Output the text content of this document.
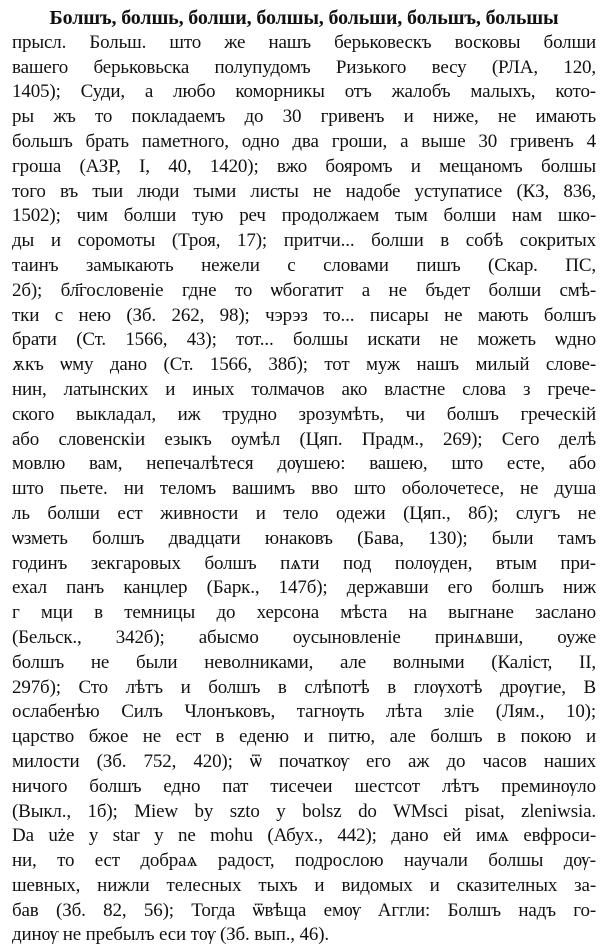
Болшъ, болшь, болши, болшы, больши, большъ, большы
прысл. Больш. што же нашъ берьковескъ восковы болши
вашего берьковьска полупудомъ Ризького весу (РЛА, 120,
1405); Суди, а любо коморникы отъ жалобъ малыхъ, кото-
ры жъ то покладаемъ до 30 гривенъ и ниже, не имають
большъ брать паметного, одно два гроши, а выше 30 гривенъ 4
гроша (АЗР, I, 40, 1420); вжо бояромъ и мещаномъ болшы
того въ тыи люди тыми листы не надобе уступатисе (КЗ, 836,
1502); чим болши тую реч продолжаем тым болши нам шко-
ды и соромоты (Троя, 17); притчи... болши в собѣ сокритых
таинъ замыкають нежели с словами пишъ (Скар. ПС,
2б); бл҃гословеніе гдне то ѡбогатит а не бъдет болши смѣ-
тки с нею (Зб. 262, 98); чэрэз то... писары не мають болшъ
брати (Ст. 1566, 43); тот... болшы искати не можеть ѡдно
ѫкъ ѡму дано (Ст. 1566, 38б); тот муж нашъ милый слове-
нин, латынских и иных толмачов ако властне слова з грече-
ского выкладал, иж трудно зрозумѣть, чи болшъ греческій
або словенскіи езыкъ оумѣл (Цяп. Прадм., 269); Сего делѣ
мовлю вам, непечалѣтеся дѹшею: вашею, што есте, або
што пьете. ни теломъ вашимъ вво што оболочетесе, не душа
ль болши ест живности и тело одежи (Цяп., 8б); слугъ не
ѡзметь болшъ двадцати юнаковъ (Бава, 130); были тамъ
годинъ зекгаровых болшъ пѧти под полѹден, втым при-
ехал панъ канцлер (Барк., 147б); державши его болшъ ниж
г мци в темницы до херсона мѣста на выгнане заслано
(Бельск., 342б); абысмо оусыновленіе принѧвши, оуже
болшъ не были неволниками, але волными (Каліст, II,
297б); Сто лѣтъ и болшъ в слѣпотѣ в глѹхотѣ дрѹгие, В
ослабенѣю Силъ Члонъковъ, тагнѹть лѣта зліе (Лям., 10);
царство бжое не ест в еденю и питю, але болшъ в покою и
милости (Зб. 752, 420); ѿ початкѹ его аж до часов наших
ничого болшъ едно пат тисечеи шестсот лѣтъ преминѹло
(Выкл., 1б); Miew by szto y bolsz do WMsci pisat, zleniwsia.
Da uże y star y ne mohu (Абух., 442); дано ей имѧ евфроси-
ни, то ест добраѧ радост, подрослою научали болшы дѹ-
шевных, нижли телесных тыхъ и видомых и сказителных за-
бав (Зб. 82, 56); Тогда ѿвѣща емѹ Аггли: Болшъ надъ го-
динѹ не пребылъ еси тѹ (Зб. вып., 46).
